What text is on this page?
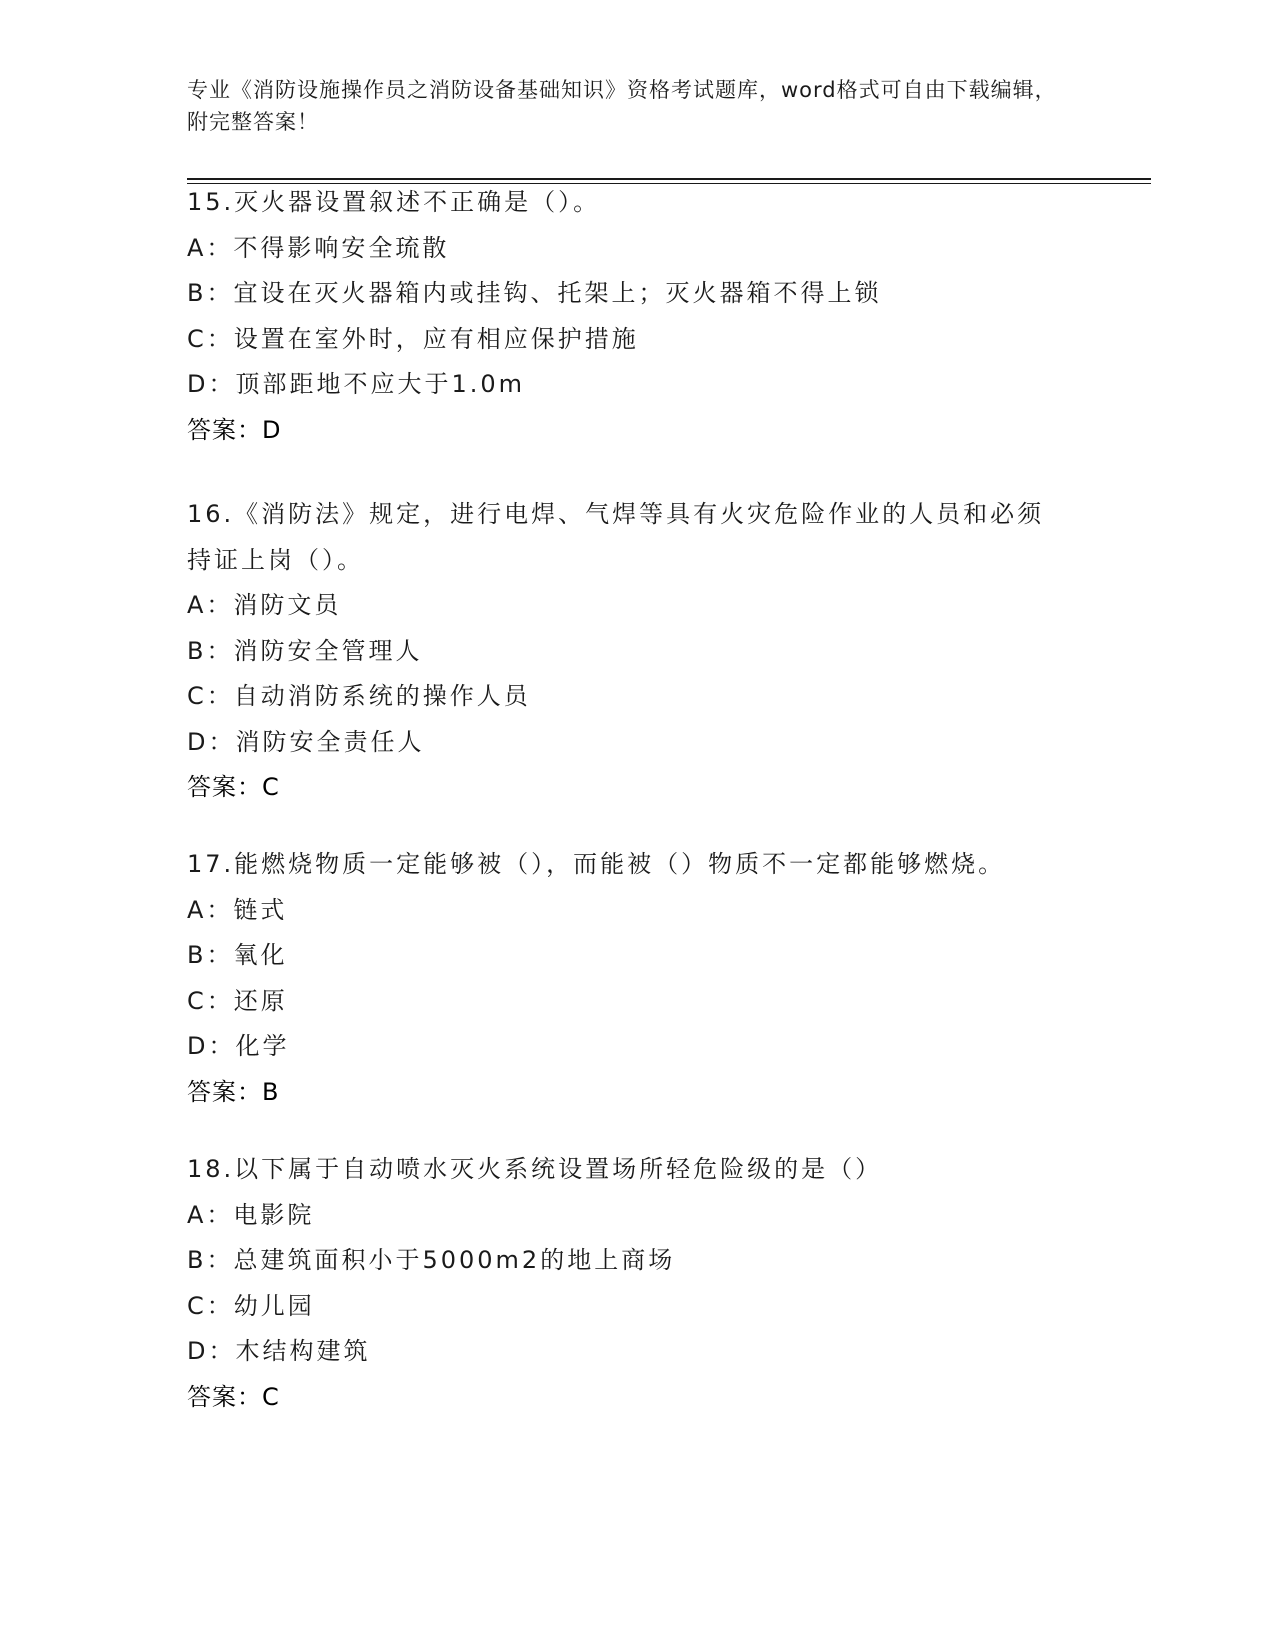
专业《消防设施操作员之消防设备基础知识》资格考试题库，word格式可自由下载编辑，附完整答案！
15.灭火器设置叙述不正确是（）。
A：不得影响安全琉散
B：宜设在灭火器箱内或挂钩、托架上；灭火器箱不得上锁
C：设置在室外时，应有相应保护措施
D：顶部距地不应大于1.0m
答案：D
16.《消防法》规定，进行电焊、气焊等具有火灾危险作业的人员和必须持证上岗（）。
A：消防文员
B：消防安全管理人
C：自动消防系统的操作人员
D：消防安全责任人
答案：C
17.能燃烧物质一定能够被（），而能被（）物质不一定都能够燃烧。
A：链式
B：氧化
C：还原
D：化学
答案：B
18.以下属于自动喷水灭火系统设置场所轻危险级的是（）
A：电影院
B：总建筑面积小于5000m2的地上商场
C：幼儿园
D：木结构建筑
答案：C
